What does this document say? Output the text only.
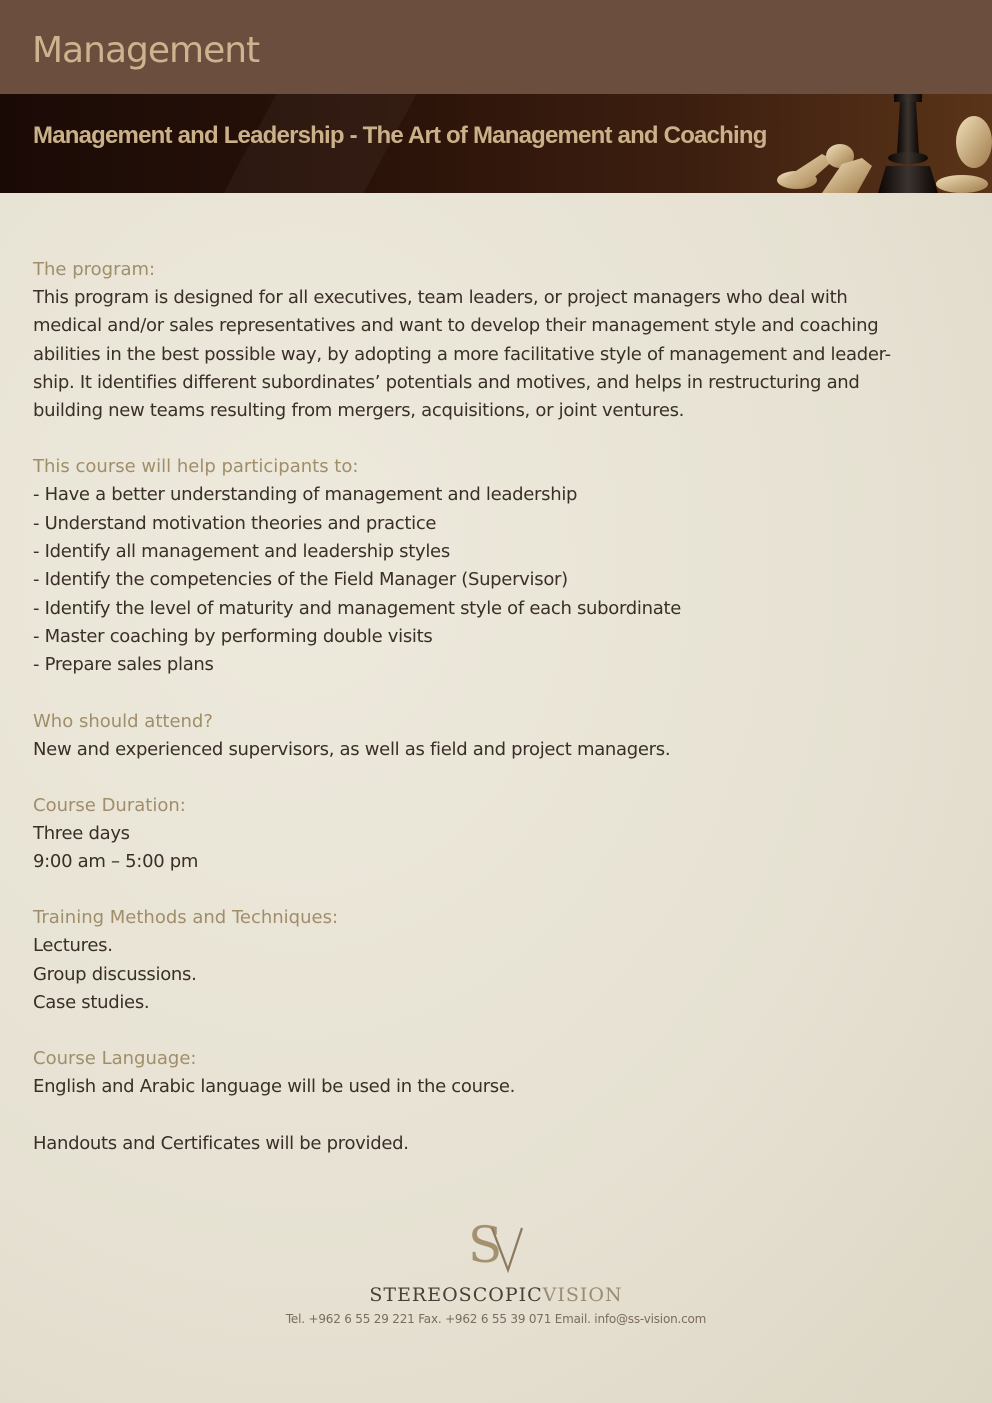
Management
Management and Leadership - The Art of Management and Coaching

The program:

This program is designed for all executives, team leaders, or project managers who deal with
medical and/or sales representatives and want to develop their management style and coaching
abilities in the best possible way, by adopting a more facilitative style of management and leader-
ship. It identifies different subordinates’ potentials and motives, and helps in restructuring and
building new teams resulting from mergers, acquisitions, or joint ventures.

This course will help participants to:

- Have a better understanding of management and leadership
- Understand motivation theories and practice
- Identify all management and leadership styles
- Identify the competencies of the Field Manager (Supervisor)
- Identify the level of maturity and management style of each subordinate
- Master coaching by performing double visits
- Prepare sales plans

Who should attend?

New and experienced supervisors, as well as field and project managers.

Course Duration:

Three days
9:00 am – 5:00 pm

Training Methods and Techniques:

Lectures.
Group discussions.
Case studies.

Course Language:

English and Arabic language will be used in the course.

Handouts and Certificates will be provided.

S
STEREOSCOPICVISION
Tel. +962 6 55 29 221 Fax. +962 6 55 39 071 Email. info@ss-vision.com
